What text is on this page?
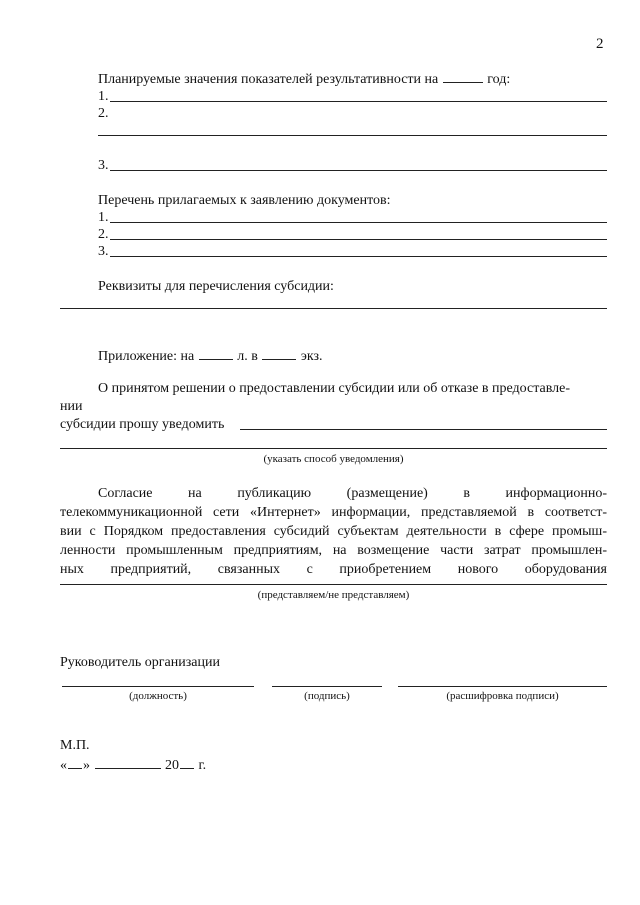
2
Планируемые значения показателей результативности на	год:
1.
2.
3.
Перечень прилагаемых к заявлению документов:
1.
2.
3.
Реквизиты для перечисления субсидии:
Приложение: на	л. в	экз.
О принятом решении о предоставлении субсидии или об отказе в предоставле-
нии
субсидии прошу уведомить
(указать способ уведомления)
Согласие на публикацию (размещение) в информационно-
телекоммуникационной сети «Интернет» информации, представляемой в соответст-
вии с Порядком предоставления субсидий субъектам деятельности в сфере промыш-
ленности промышленным предприятиям, на возмещение части затрат промышлен-
ных предприятий, связанных с приобретением нового оборудования
(представляем/не представляем)
Руководитель организации
(должность)	(подпись)	(расшифровка подписи)
М.П.
« »	20 г.
